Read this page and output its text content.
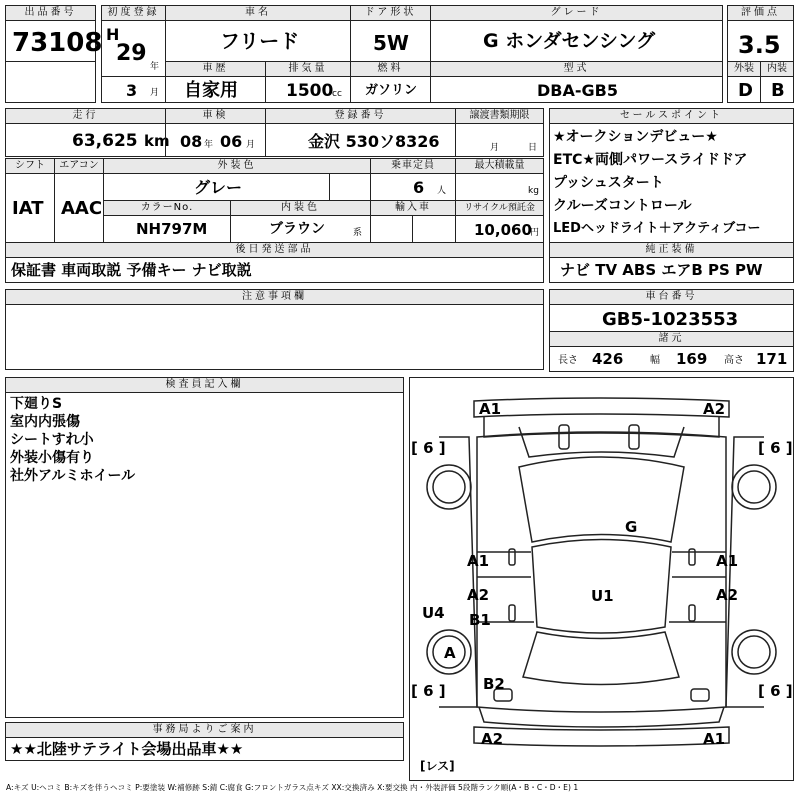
出品番号
73108
初度登録
H
29
年
3 月
車名
フリード
ドア形状
5W
グレード
G ホンダセンシング
評価点
3.5
車歴
自家用
排気量
1500
cc
燃料
ガソリン
型式
DBA-GB5
外装	内装
D B
走行
63,625 km
車検
08 年 06 月
登録番号
金沢 530ソ8326
譲渡書類期限
月	日
シフト
IAT
エアコン
AAC
外装色
グレー
乗車定員
6 人
最大積載量
kg
カラーNo.
NH797M
内装色
ブラウン	系
輸入車	リサイクル預託金
10,060
円
後日発送部品
保証書 車両取説 予備キー ナビ取説
セールスポイント
★オークションデビュー★
ETC★両側パワースライドドア
プッシュスタート
クルーズコントロール
LEDヘッドライト＋アクティブコー
純正装備
ナビ TV ABS エアB PS PW
注意事項欄	車台番号
GB5-1023553
諸元
長さ 426	幅 169 高さ 171
検査員記入欄
下廻りS
室内内張傷
シートすれ小
外装小傷有り
社外アルミホイール
事務局よりご案内
★★北陸サテライト会場出品車★★
A1	A2
G
A1	A1
A2	A2
U1
U4 B1
A
B2
A2	A1
[ 6 ]	[ 6 ]
[ 6 ]	[ 6 ]
[レス]
A:キズ U:ヘコミ B:キズを伴うヘコミ P:要塗装 W:補修跡 S:錆 C:腐食 G:フロントガラス点キズ XX:交換済み X:要交換 内・外装評価 5段階ランク順(A・B・C・D・E) 1
